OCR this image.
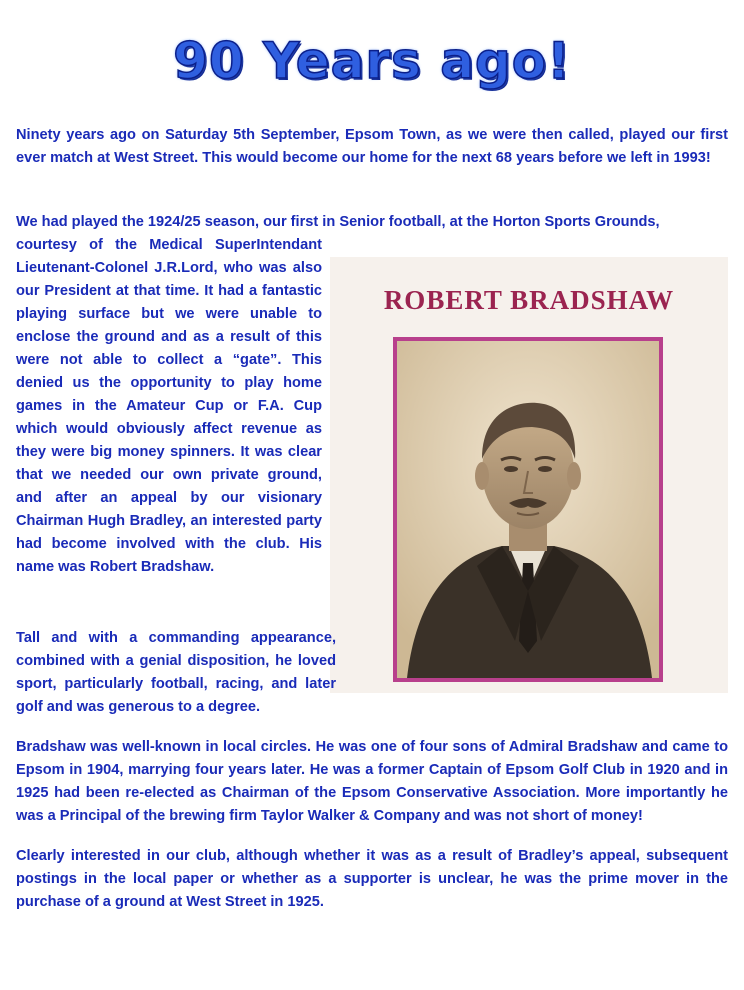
90 Years ago!

Ninety years ago on Saturday 5th September, Epsom Town, as we were then called, played our first ever match at West Street. This would become our home for the next 68 years before we left in 1993!

We had played the 1924/25 season, our first in Senior football, at the Horton Sports Grounds,

courtesy of the Medical SuperIntendant Lieutenant-Colonel J.R.Lord, who was also our President at that time. It had a fantastic playing surface but we were unable to enclose the ground and as a result of this were not able to collect a “gate”. This denied us the opportunity to play home games in the Amateur Cup or F.A. Cup which would obviously affect revenue as they were big money spinners. It was clear that we needed our own private ground, and after an appeal by our visionary Chairman Hugh Bradley, an interested party had become involved with the club. His name was Robert Bradshaw.

ROBERT BRADSHAW

Tall and with a commanding appearance, combined with a genial disposition, he loved sport, particularly football, racing, and later golf and was generous to a degree.

Bradshaw was well-known in local circles. He was one of four sons of Admiral Bradshaw and came to Epsom in 1904, marrying four years later. He was a former Captain of Epsom Golf Club in 1920 and in 1925 had been re-elected as Chairman of the Epsom Conservative Association. More importantly he was a Principal of the brewing firm Taylor Walker & Company and was not short of money!

Clearly interested in our club, although whether it was as a result of Bradley’s appeal, subsequent postings in the local paper or whether as a supporter is unclear, he was the prime mover in the purchase of a ground at West Street in 1925.
